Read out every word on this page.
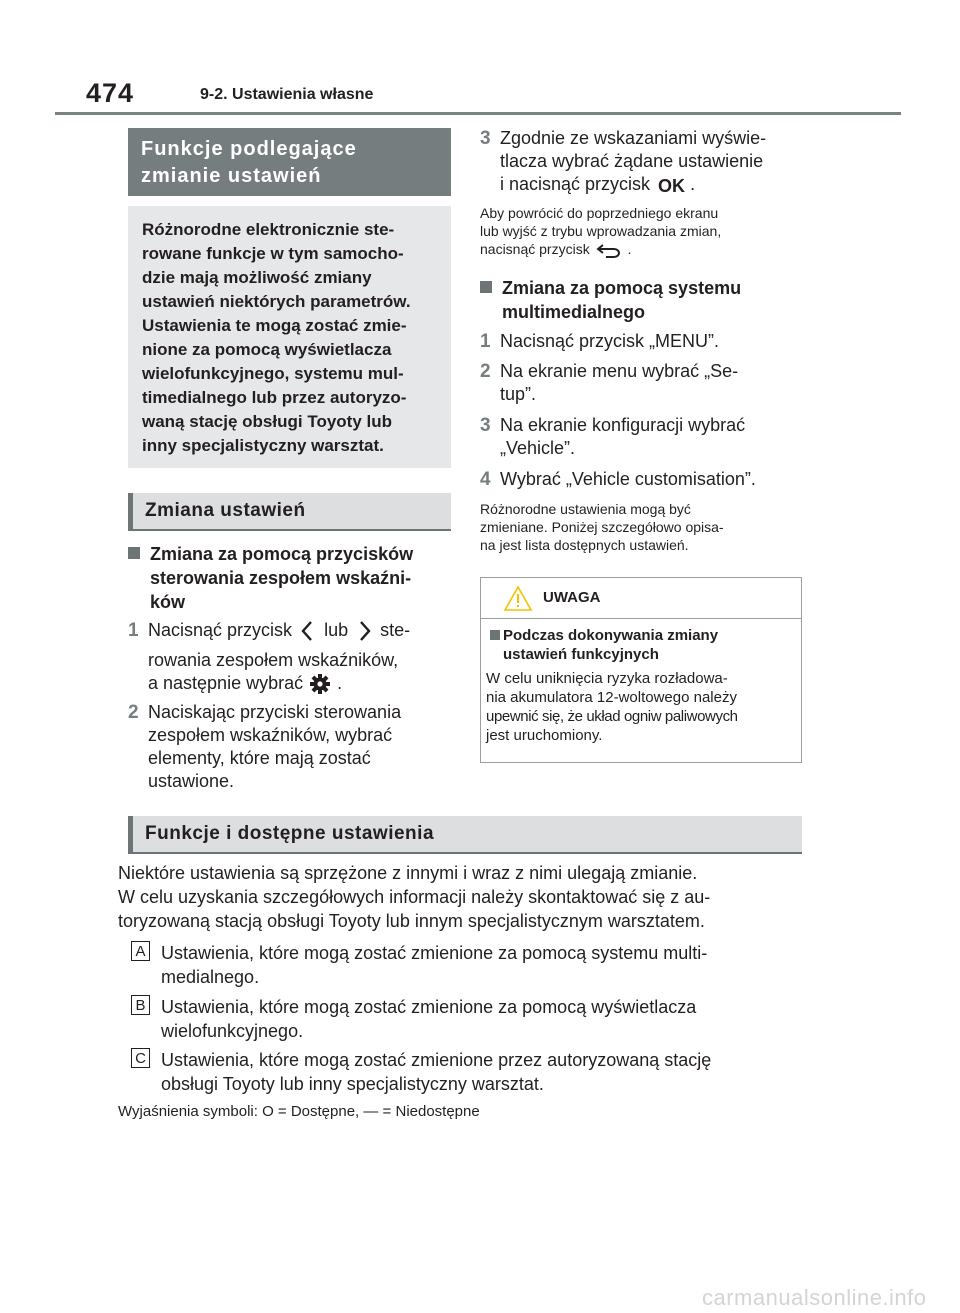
474	9-2. Ustawienia własne
Funkcje podlegające
zmianie ustawień
Różnorodne elektronicznie ste-
rowane funkcje w tym samocho-
dzie mają możliwość zmiany
ustawień niektórych parametrów.
Ustawienia te mogą zostać zmie-
nione za pomocą wyświetlacza
wielofunkcyjnego, systemu mul-
timedialnego lub przez autoryzo-
waną stację obsługi Toyoty lub
inny specjalistyczny warsztat.
Zmiana ustawień
Zmiana za pomocą przycisków
sterowania zespołem wskaźni-
ków
1 Nacisnąć przycisk lub ste-
rowania zespołem wskaźników,
a następnie wybrać .
2 Naciskając przyciski sterowania
zespołem wskaźników, wybrać
elementy, które mają zostać
ustawione.
3 Zgodnie ze wskazaniami wyświe-
tlacza wybrać żądane ustawienie
i nacisnąć przycisk OK .
Aby powrócić do poprzedniego ekranu
lub wyjść z trybu wprowadzania zmian,
nacisnąć przycisk	.
Zmiana za pomocą systemu
multimedialnego
1 Nacisnąć przycisk „MENU”.
2 Na ekranie menu wybrać „Se-
tup”.
3 Na ekranie konfiguracji wybrać
„Vehicle”.
4 Wybrać „Vehicle customisation”.
Różnorodne ustawienia mogą być
zmieniane. Poniżej szczegółowo opisa-
na jest lista dostępnych ustawień.
UWAGA
Podczas dokonywania zmiany
ustawień funkcyjnych
W celu uniknięcia ryzyka rozładowa-
nia akumulatora 12-woltowego należy
upewnić się, że układ ogniw paliwowych
jest uruchomiony.
Funkcje i dostępne ustawienia
Niektóre ustawienia są sprzężone z innymi i wraz z nimi ulegają zmianie.
W celu uzyskania szczegółowych informacji należy skontaktować się z au-
toryzowaną stacją obsługi Toyoty lub innym specjalistycznym warsztatem.
A Ustawienia, które mogą zostać zmienione za pomocą systemu multi-
medialnego.
B Ustawienia, które mogą zostać zmienione za pomocą wyświetlacza
wielofunkcyjnego.
C Ustawienia, które mogą zostać zmienione przez autoryzowaną stację
obsługi Toyoty lub inny specjalistyczny warsztat.
Wyjaśnienia symboli: O = Dostępne, — = Niedostępne
carmanualsonline.info
